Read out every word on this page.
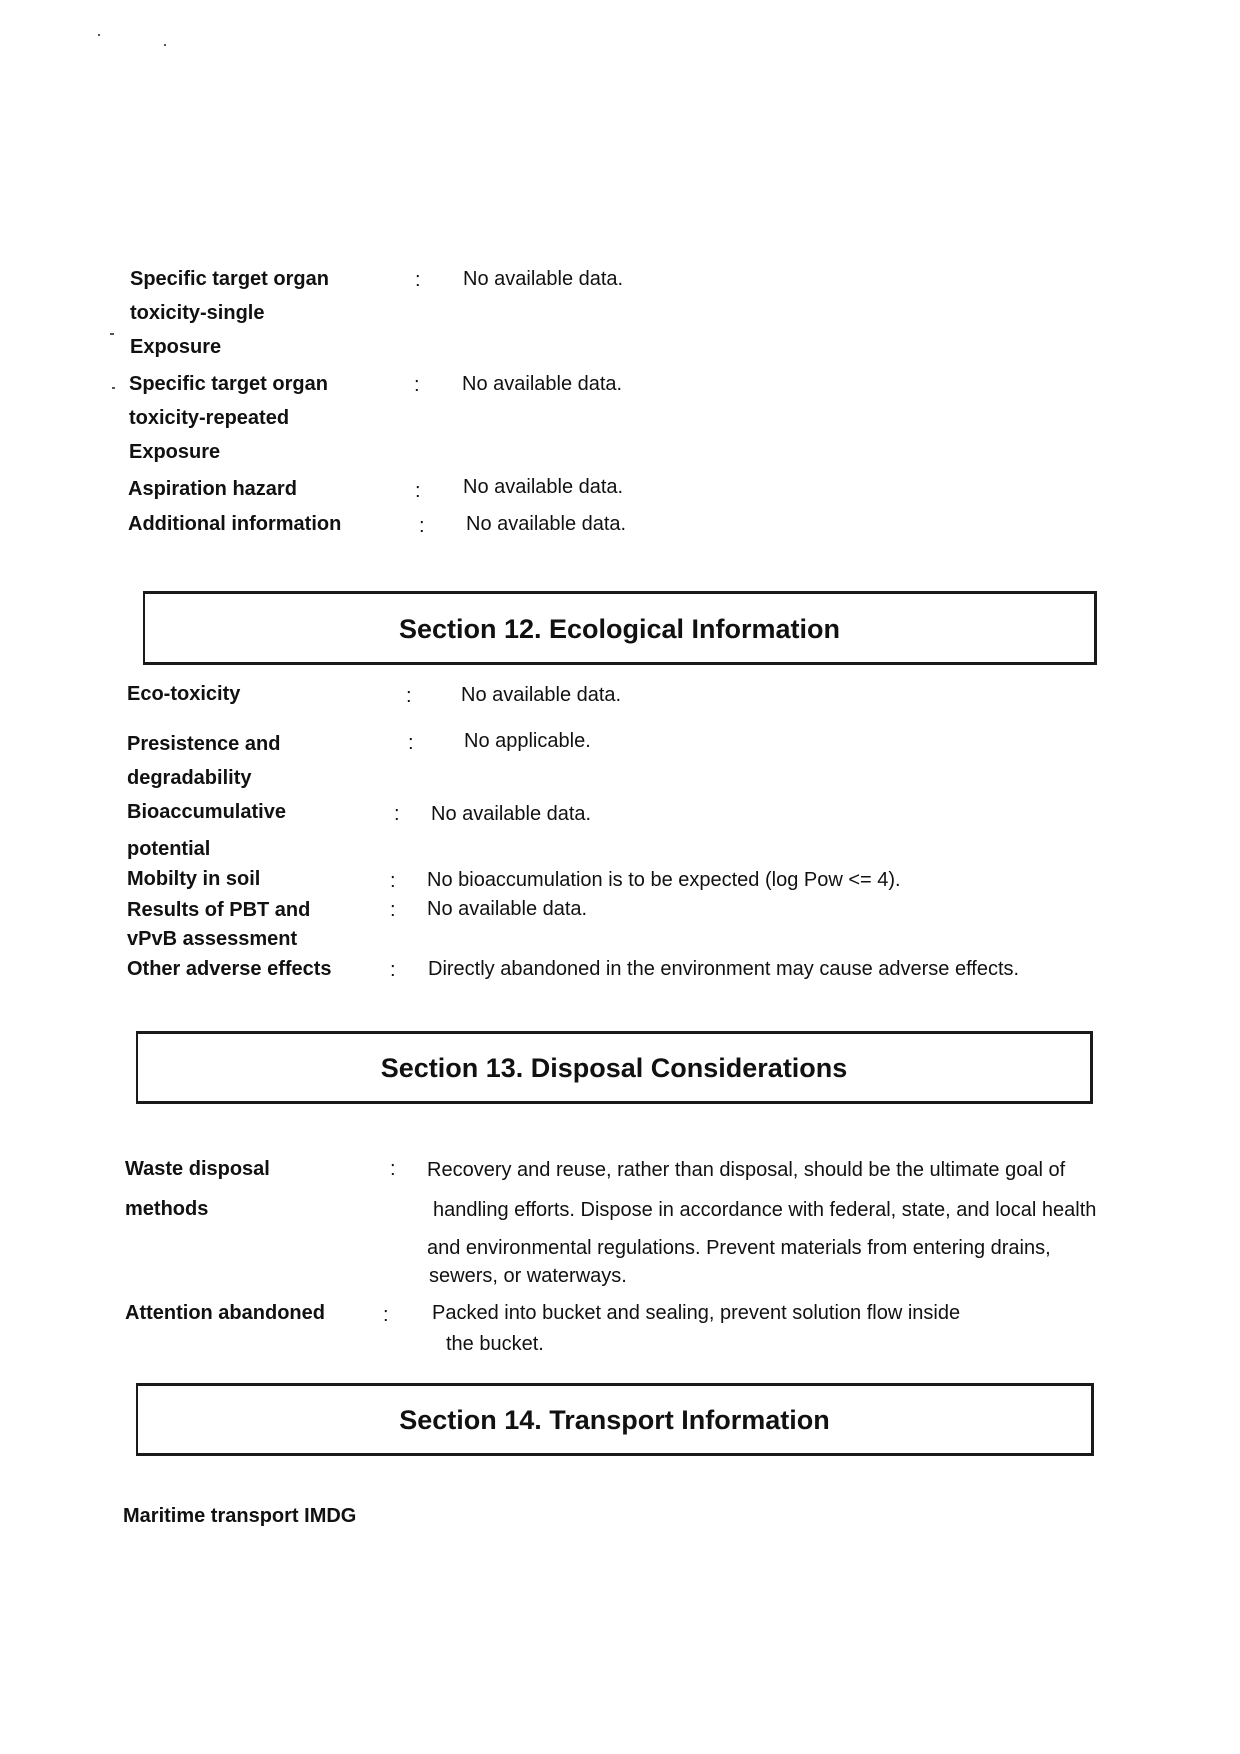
Specific target organ
toxicity-single
Exposure
: No available data.
Specific target organ
toxicity-repeated
Exposure
: No available data.
Aspiration hazard	: No available data.
Additional information	: No available data.
Section 12. Ecological Information
Eco-toxicity	: No available data.
Presistence and
degradability
:	No applicable.
Bioaccumulative
potential
: No available data.
Mobilty in soil	: No bioaccumulation is to be expected (log Pow <= 4).
Results of PBT and
vPvB assessment
: No available data.
Other adverse effects	: Directly abandoned in the environment may cause adverse effects.
Section 13. Disposal Considerations
Waste disposal
methods
: Recovery and reuse, rather than disposal, should be the ultimate goal of
handling efforts. Dispose in accordance with federal, state, and local health
and environmental regulations. Prevent materials from entering drains,
sewers, or waterways.
Attention abandoned	: Packed into bucket and sealing, prevent solution flow inside
the bucket.
Section 14. Transport Information
Maritime transport IMDG
